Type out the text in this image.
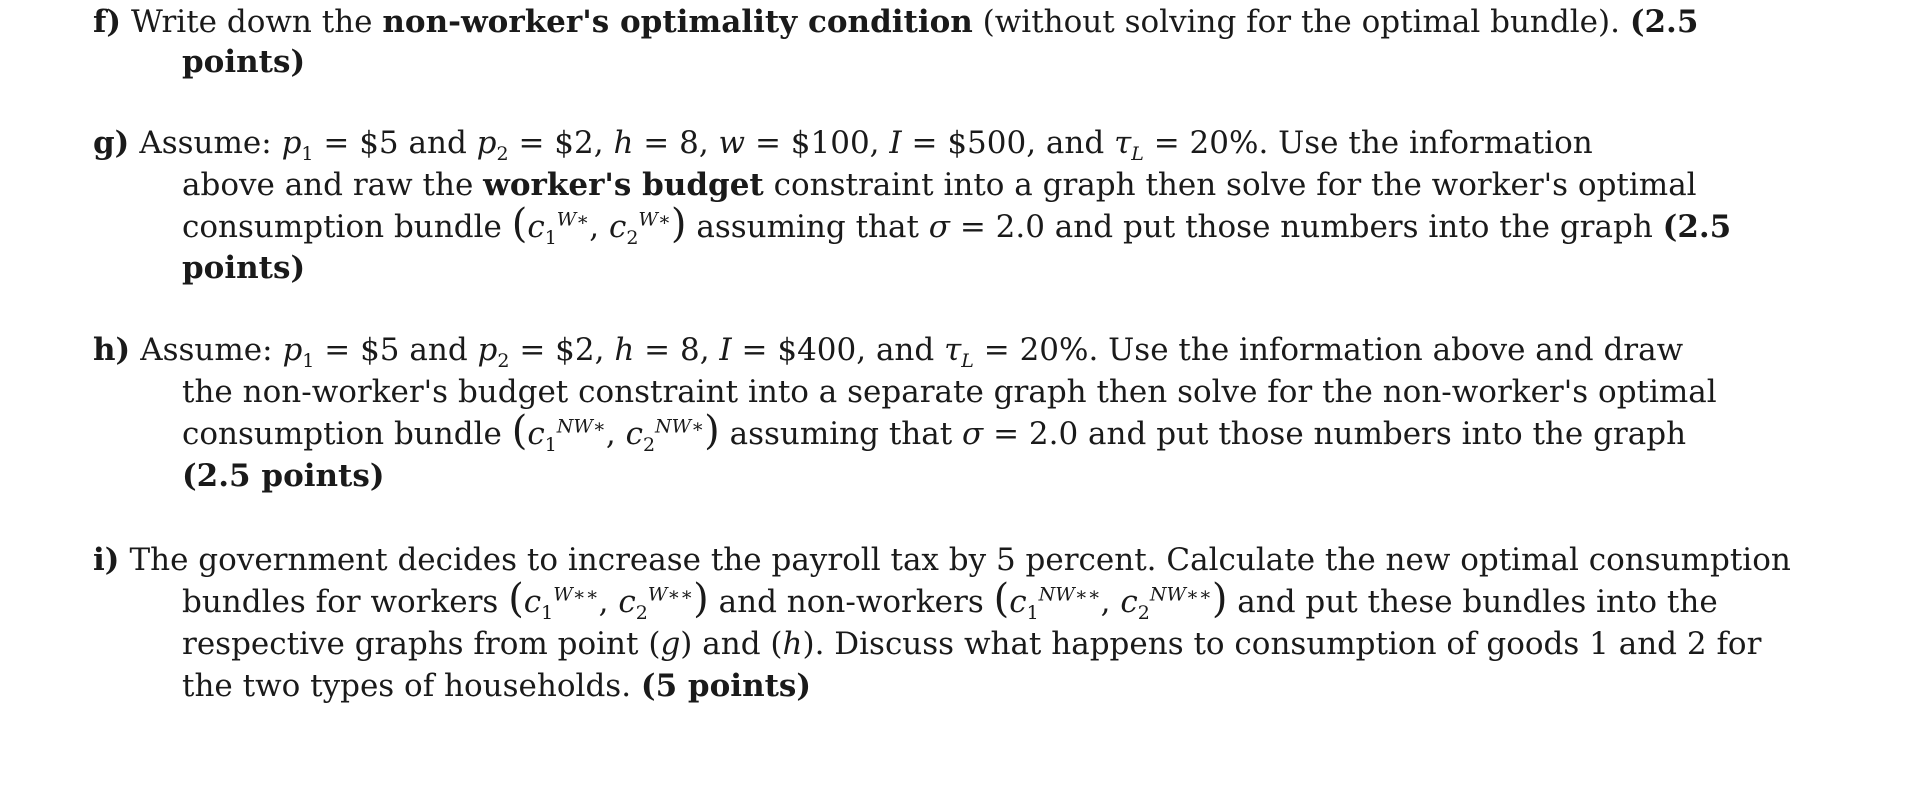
f) Write down the non-worker's optimality condition (without solving for the optimal bundle). (2.5
points)
g) Assume: $p_1$ = $5 and $p_2$ = $2, h = 8, w = $100, I = $500, and $\tau_L = 20\%$. Use the information
above and raw the worker's budget constraint into a graph then solve for the worker's optimal
consumption bundle ($c_1^{W∗}$, $c_2^{W∗}$) assuming that σ = 2.0 and put those numbers into the graph (2.5
points)
h) Assume: $p_1$ = $5 and $p_2$ = $2, h = 8, I = $400, and $\tau_L = 20\%$. Use the information above and draw
the non-worker's budget constraint into a separate graph then solve for the non-worker's optimal
consumption bundle ($c_1^{NW∗}$, $c_2^{NW∗}$) assuming that σ = 2.0 and put those numbers into the graph
(2.5 points)
i) The government decides to increase the payroll tax by 5 percent. Calculate the new optimal consumption
bundles for workers ($c_1^{W∗∗}$, $c_2^{W∗∗}$) and non-workers ($c_1^{NW∗∗}$, $c_2^{NW∗∗}$) and put these bundles into the
respective graphs from point (g) and (h). Discuss what happens to consumption of goods 1 and 2 for
the two types of households. (5 points)
